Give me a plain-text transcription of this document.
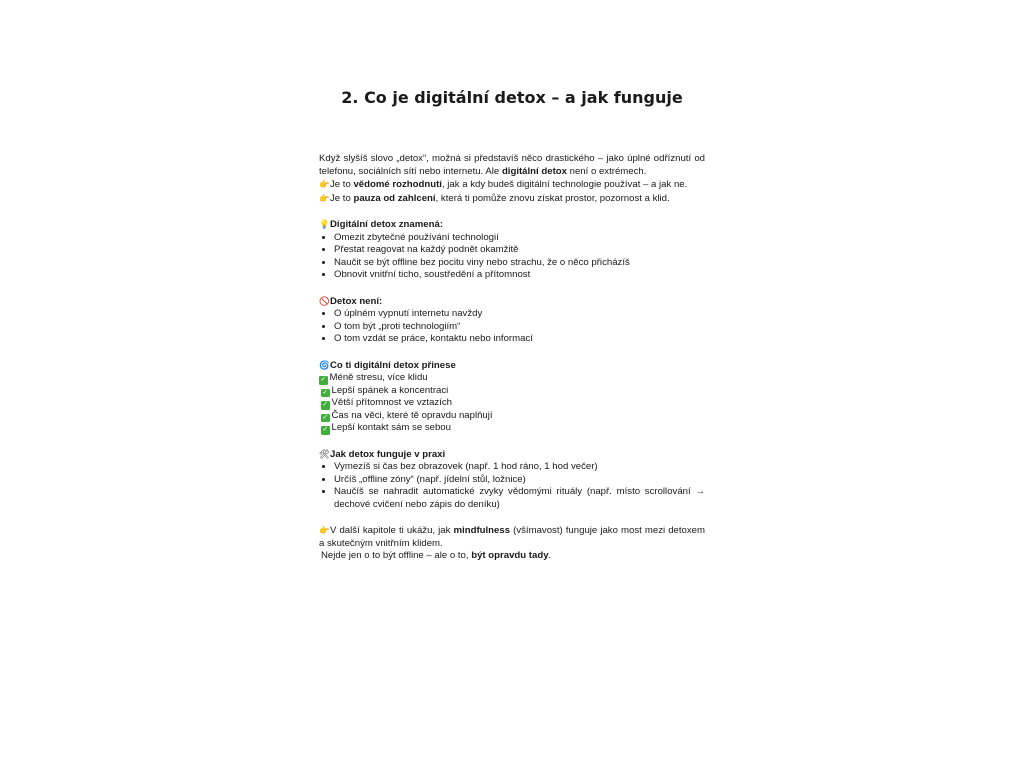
2. Co je digitální detox – a jak funguje

Když slyšíš slovo „detox“, možná si představíš něco drastického – jako úplné odříznutí od telefonu, sociálních sítí nebo internetu. Ale digitální detox není o extrémech.

👉Je to vědomé rozhodnutí, jak a kdy budeš digitální technologie používat – a jak ne.

👉Je to pauza od zahlcení, která ti pomůže znovu získat prostor, pozornost a klid.

💡Digitální detox znamená:

• Omezit zbytečné používání technologií
• Přestat reagovat na každý podnět okamžitě
• Naučit se být offline bez pocitu viny nebo strachu, že o něco přicházíš
• Obnovit vnitřní ticho, soustředění a přítomnost

🚫Detox není:

• O úplném vypnutí internetu navždy
• O tom být „proti technologiím“
• O tom vzdát se práce, kontaktu nebo informací

🌀Co ti digitální detox přinese

✓ Méně stresu, více klidu

✓ Lepší spánek a koncentraci

✓ Větší přítomnost ve vztazích

✓ Čas na věci, které tě opravdu naplňují

✓ Lepší kontakt sám se sebou

🛠Jak detox funguje v praxi

• Vymezíš si čas bez obrazovek (např. 1 hod ráno, 1 hod večer)
• Určíš „offline zóny“ (např. jídelní stůl, ložnice)
• Naučíš se nahradit automatické zvyky vědomými rituály (např. místo scrollování → dechové cvičení nebo zápis do deníku)

👉V další kapitole ti ukážu, jak mindfulness (všímavost) funguje jako most mezi detoxem a skutečným vnitřním klidem.

Nejde jen o to být offline – ale o to, být opravdu tady.
